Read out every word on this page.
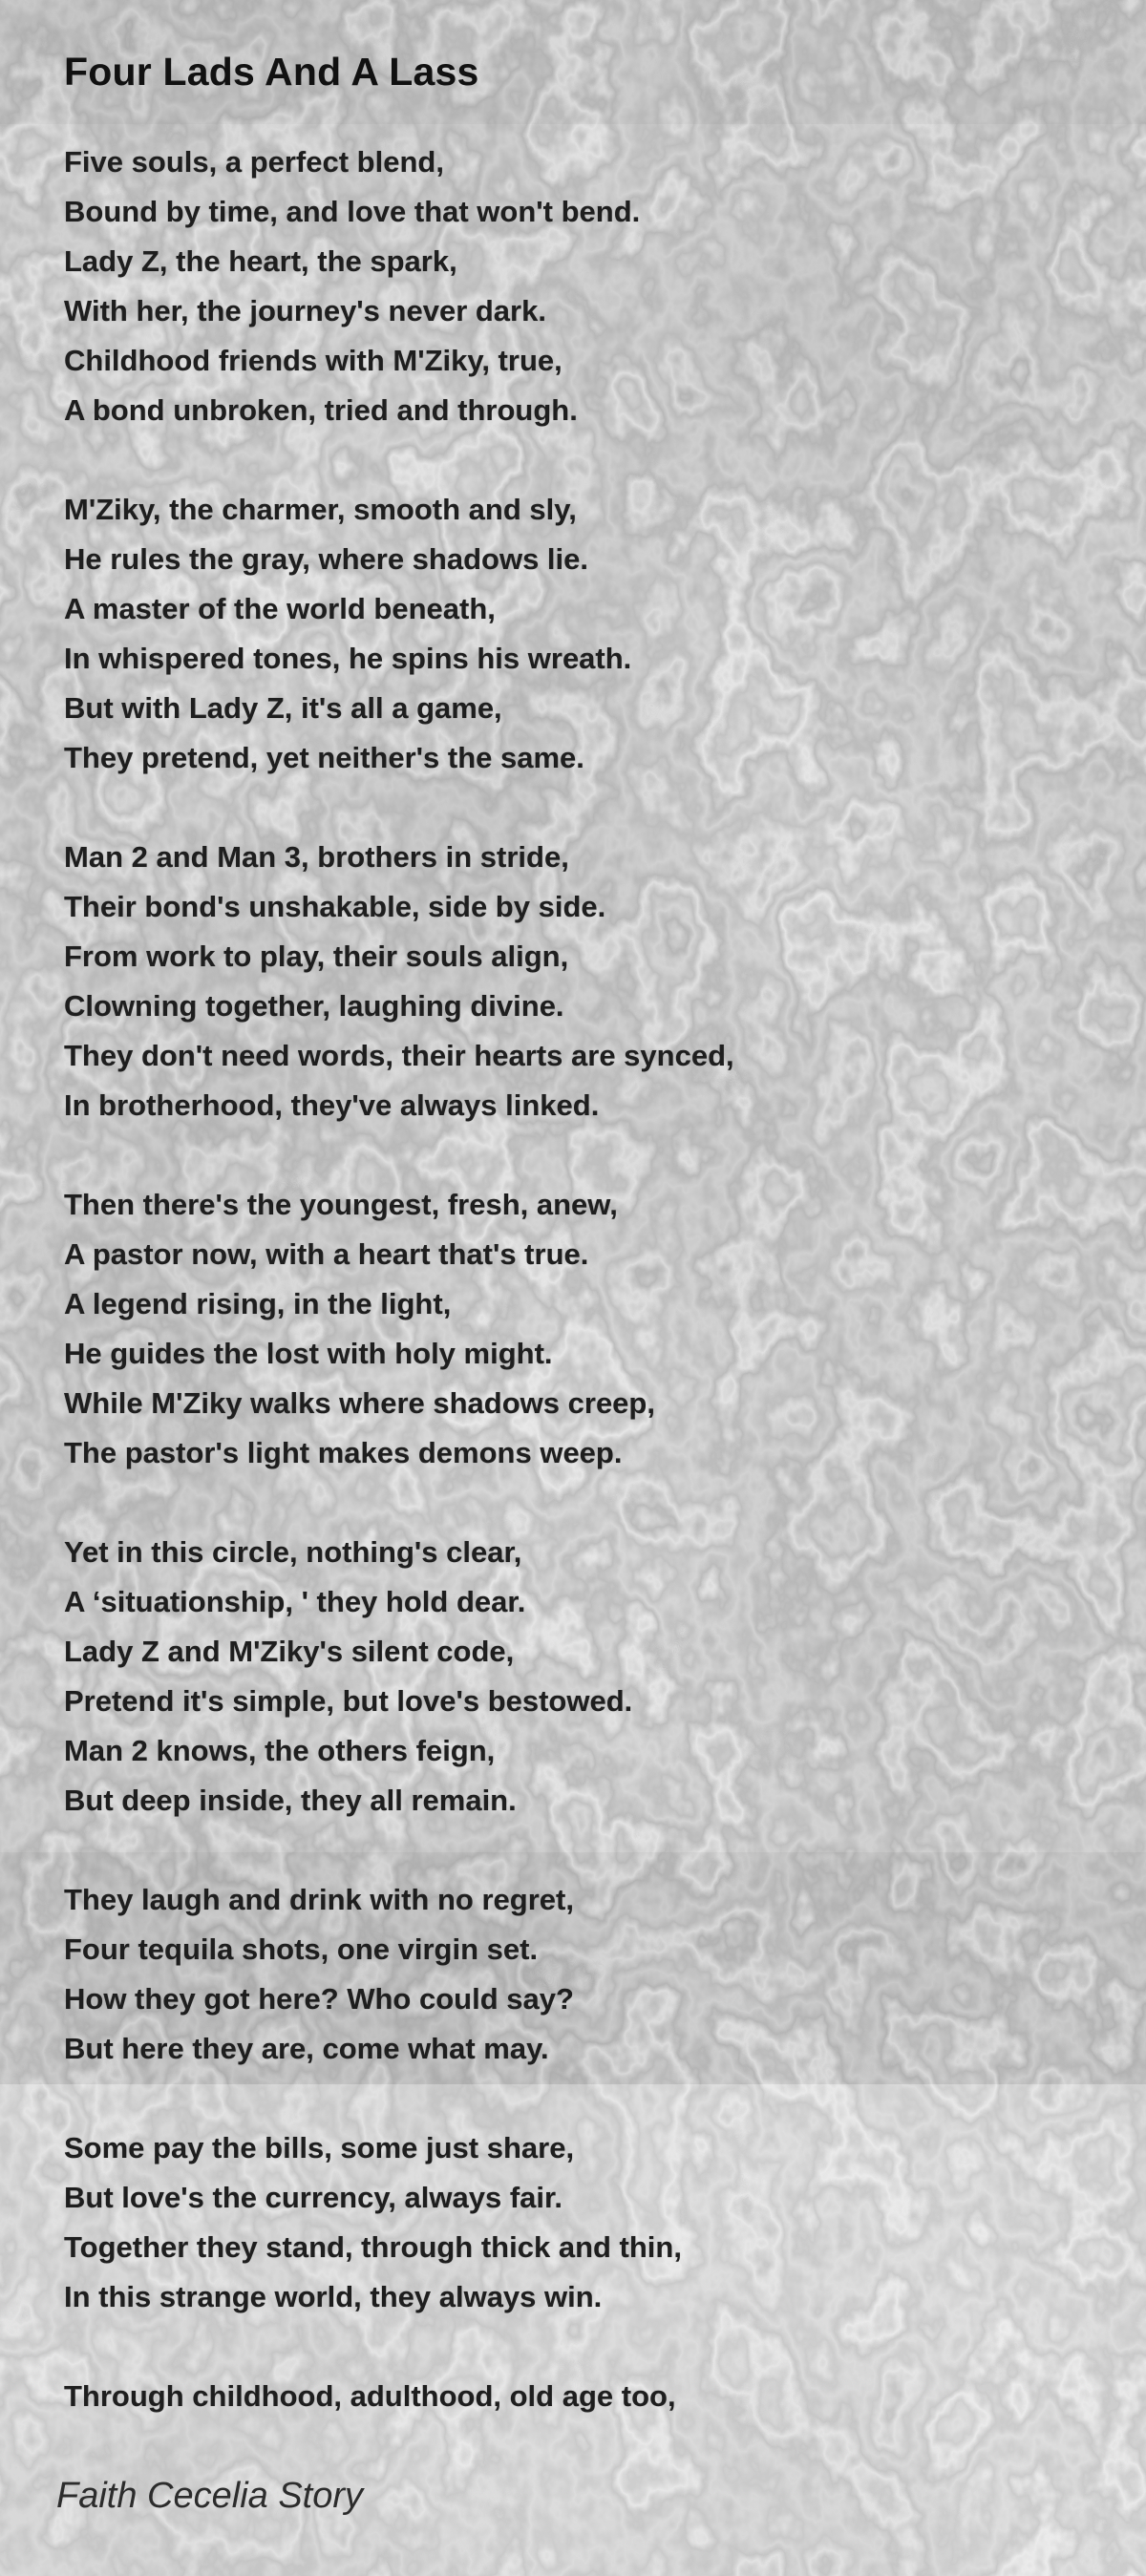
Four Lads And A Lass
Five souls, a perfect blend,
Bound by time, and love that won't bend.
Lady Z, the heart, the spark,
With her, the journey's never dark.
Childhood friends with M'Ziky, true,
A bond unbroken, tried and through.
M'Ziky, the charmer, smooth and sly,
He rules the gray, where shadows lie.
A master of the world beneath,
In whispered tones, he spins his wreath.
But with Lady Z, it's all a game,
They pretend, yet neither's the same.
Man 2 and Man 3, brothers in stride,
Their bond's unshakable, side by side.
From work to play, their souls align,
Clowning together, laughing divine.
They don't need words, their hearts are synced,
In brotherhood, they've always linked.
Then there's the youngest, fresh, anew,
A pastor now, with a heart that's true.
A legend rising, in the light,
He guides the lost with holy might.
While M'Ziky walks where shadows creep,
The pastor's light makes demons weep.
Yet in this circle, nothing's clear,
A ‘situationship, ' they hold dear.
Lady Z and M'Ziky's silent code,
Pretend it's simple, but love's bestowed.
Man 2 knows, the others feign,
But deep inside, they all remain.
They laugh and drink with no regret,
Four tequila shots, one virgin set.
How they got here? Who could say?
But here they are, come what may.
Some pay the bills, some just share,
But love's the currency, always fair.
Together they stand, through thick and thin,
In this strange world, they always win.
Through childhood, adulthood, old age too,
Faith Cecelia Story
